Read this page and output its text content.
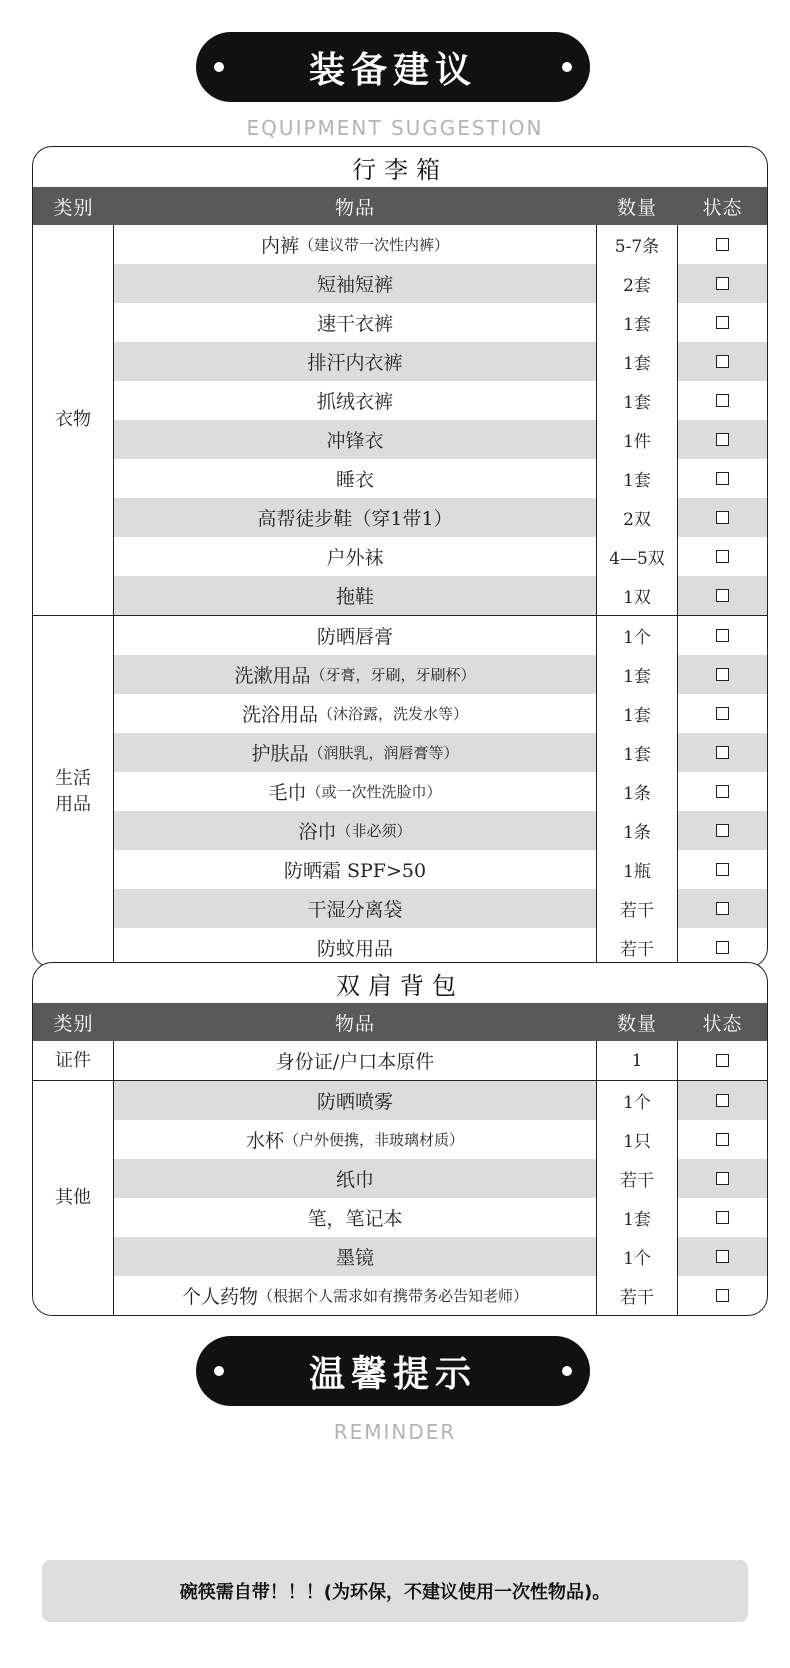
装备建议
EQUIPMENT SUGGESTION
行李箱
类别	物品	数量	状态
衣物
内裤 （建议带一次性内裤）	5-7条
短袖短裤	2套
速干衣裤	1套
排汗内衣裤	1套
抓绒衣裤	1套
冲锋衣	1件
睡衣	1套
高帮徒步鞋（穿1带1）	2双
户外袜	4—5双
拖鞋	1双
生活用品
防晒唇膏	1个
洗漱用品 （牙膏，牙刷，牙刷杯）	1套
洗浴用品 （沐浴露，洗发水等）	1套
护肤品 （润肤乳，润唇膏等）	1套
毛巾 （或一次性洗脸巾）	1条
浴巾 （非必须）	1条
防晒霜 SPF>50	1瓶
干湿分离袋	若干
防蚊用品	若干
双肩背包
类别	物品	数量	状态
证件	身份证/户口本原件	1
其他
防晒喷雾	1个
水杯 （户外便携，非玻璃材质）	1只
纸巾	若干
笔，笔记本	1套
墨镜	1个
个人药物 （根据个人需求如有携带务必告知老师）	若干
温馨提示
REMINDER
碗筷需自带！！！(为环保，不建议使用一次性物品)。
